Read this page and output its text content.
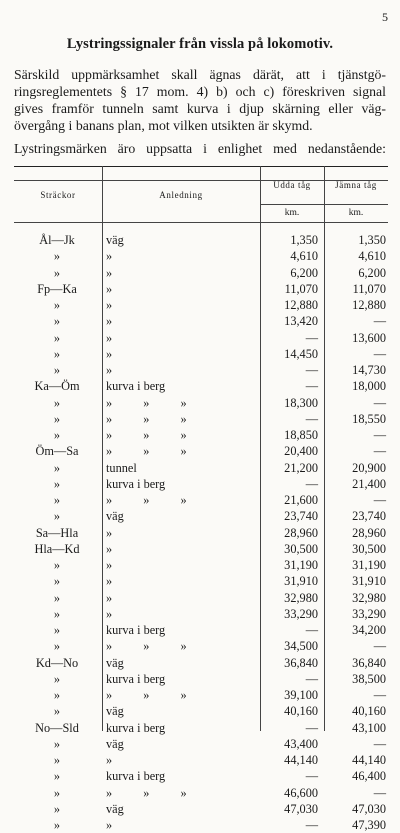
5
Lystringssignaler från vissla på lokomotiv.
Särskild uppmärksamhet skall ägnas därät, att i tjänstgö-
ringsreglementets § 17 mom. 4) b) och c) föreskriven signal
gives framför tunneln samt kurva i djup skärning eller väg-
övergång i banans plan, mot vilken utsikten är skymd.
Lystringsmärken äro uppsatta i enlighet med nedanstående:
Sträckor	Anledning
Udda tåg	Jämna tåg
km.	km.
Ål—Jk	väg	1,350	1,350
»	»	4,610	4,610
»	»	6,200	6,200
Fp—Ka	»	11,070	11,070
»	»	12,880	12,880
»	»	13,420	—
»	»	—	13,600
»	»	14,450	—
»	»	—	14,730
Ka—Öm	kurva i berg	—	18,000
»	» » »	18,300	—
»	» » »	—	18,550
»	» » »	18,850	—
Öm—Sa	» » »	20,400	—
»	tunnel	21,200	20,900
»	kurva i berg	—	21,400
»	» » »	21,600	—
»	väg	23,740	23,740
Sa—Hla	»	28,960	28,960
Hla—Kd	»	30,500	30,500
»	»	31,190	31,190
»	»	31,910	31,910
»	»	32,980	32,980
»	»	33,290	33,290
»	kurva i berg	—	34,200
»	» » »	34,500	—
Kd—No	väg	36,840	36,840
»	kurva i berg	—	38,500
»	» » »	39,100	—
»	väg	40,160	40,160
No—Sld	kurva i berg	—	43,100
»	väg	43,400	—
»	»	44,140	44,140
»	kurva i berg	—	46,400
»	» » »	46,600	—
»	väg	47,030	47,030
»	»	—	47,390
